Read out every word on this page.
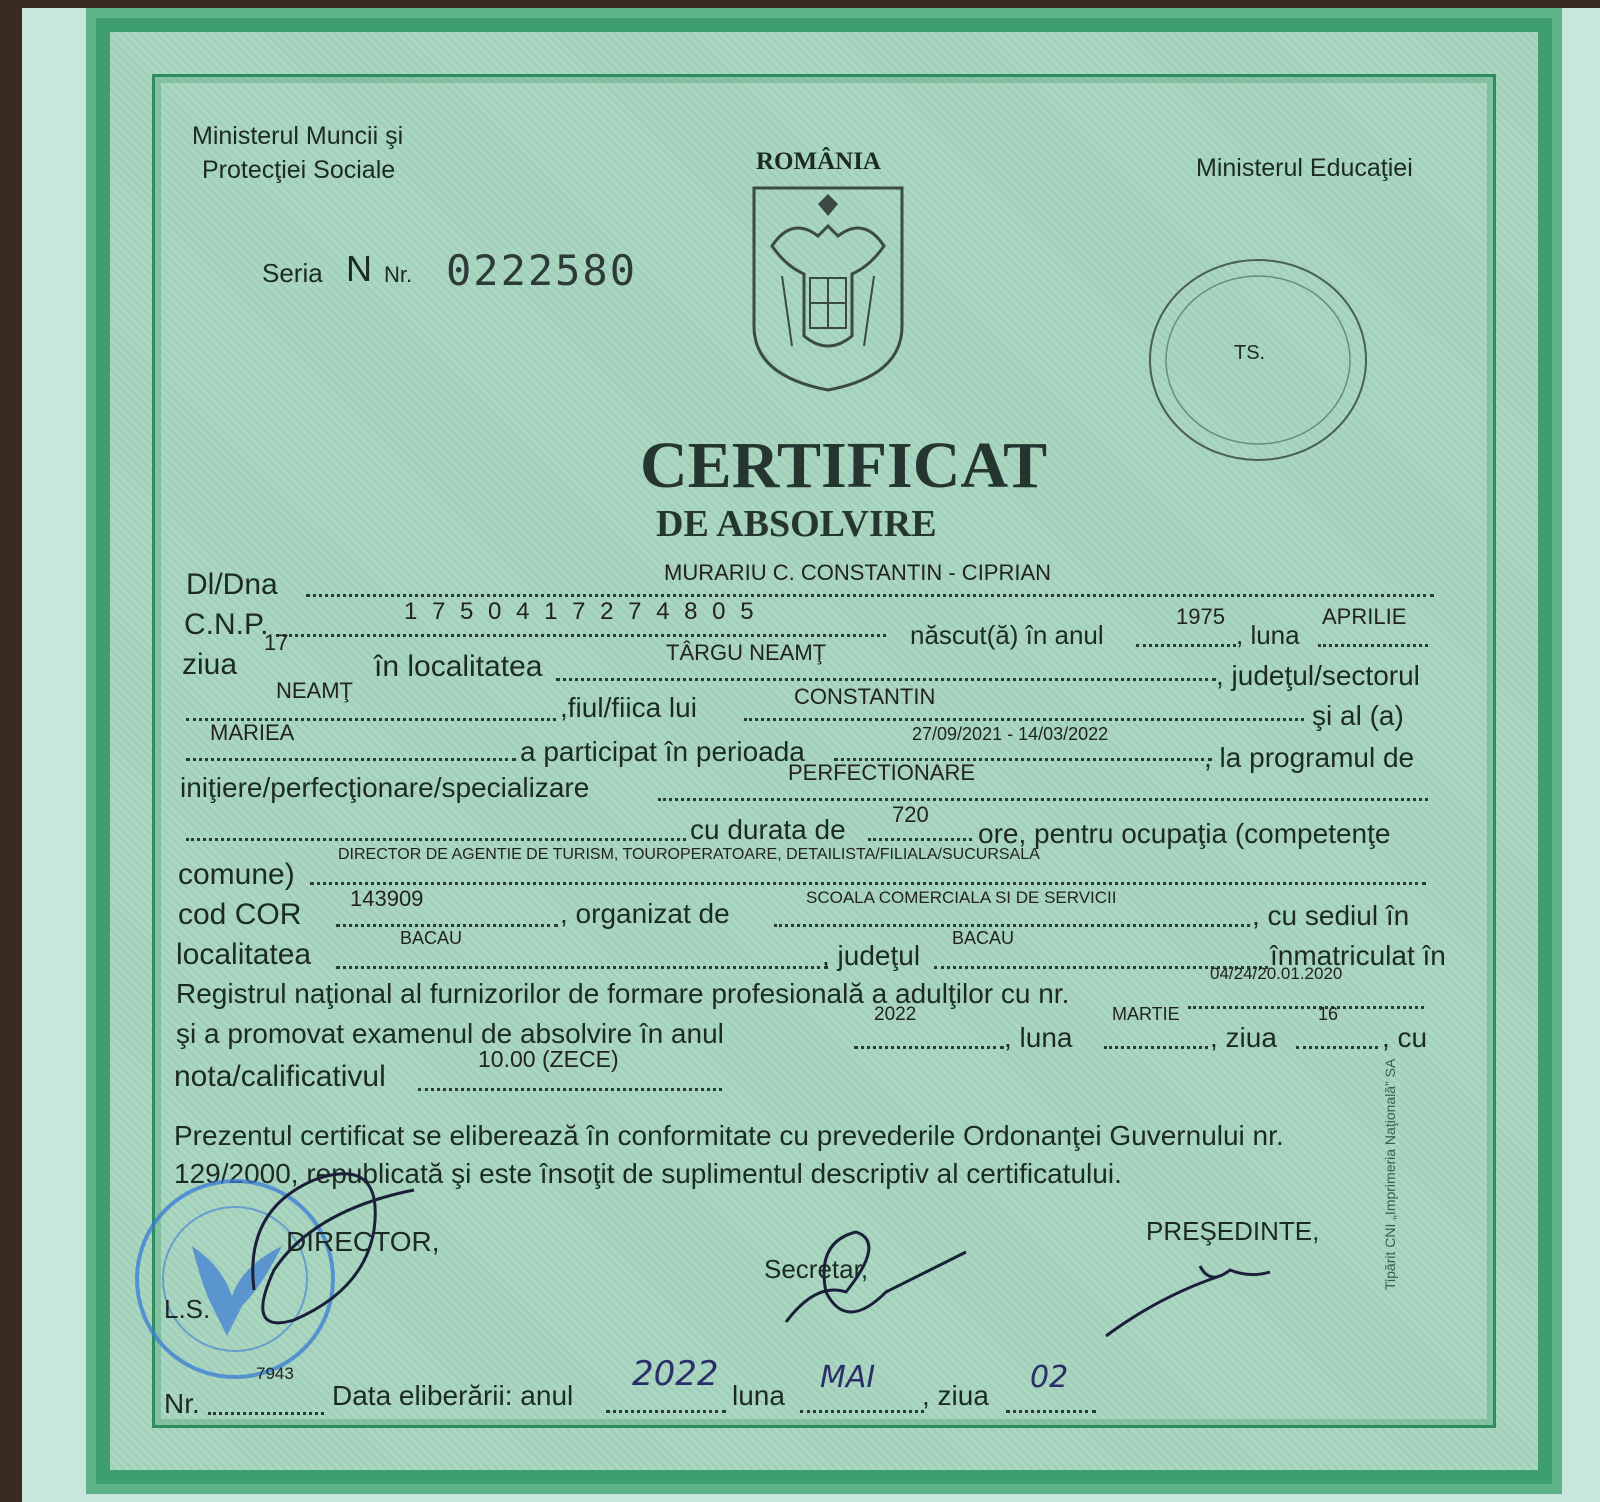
Ministerul Muncii şi
Protecţiei Sociale	ROMÂNIA	Ministerul Educaţiei
Seria N Nr. 0222580
TS.
CERTIFICAT
DE ABSOLVIRE
Dl/Dna	MURARIU C. CONSTANTIN - CIPRIAN
C.N.P.	1 7 5 0 4 1 7 2 7 4 8 0 5
născut(ă) în anul
1975
, luna
APRILIE
ziua
17
în localitatea	TÂRGU NEAMŢ
, judeţul/sectorul
NEAMŢ
,fiul/fiica lui	CONSTANTIN
şi al (a)
MARIEA
a participat în perioada
27/09/2021 - 14/03/2022
, la programul de
iniţiere/perfecţionare/specializare	PERFECTIONARE
cu durata de 720
ore, pentru ocupaţia (competenţe
comune)
DIRECTOR DE AGENTIE DE TURISM, TOUROPERATOARE, DETAILISTA/FILIALA/SUCURSALA
cod COR 143909	, organizat de
SCOALA COMERCIALA SI DE SERVICII
, cu sediul în
localitatea	BACAU
, judeţul
BACAU
înmatriculat în
Registrul naţional al furnizorilor de formare profesională a adulţilor cu nr.
04/24/20.01.2020
şi a promovat examenul de absolvire în anul
2022
, luna
MARTIE
, ziua
16
, cu
nota/calificativul
10.00 (ZECE)
Prezentul certificat se eliberează în conformitate cu prevederile Ordonanţei Guvernului nr.
129/2000, republicată şi este însoţit de suplimentul descriptiv al certificatului.
L.S.
DIRECTOR,
Secretar,
PREŞEDINTE,
Nr.
7943
Data eliberării: anul
2022
luna
MAI
, ziua
02
Tipărit CNI „Imprimeria Naţională” SA
